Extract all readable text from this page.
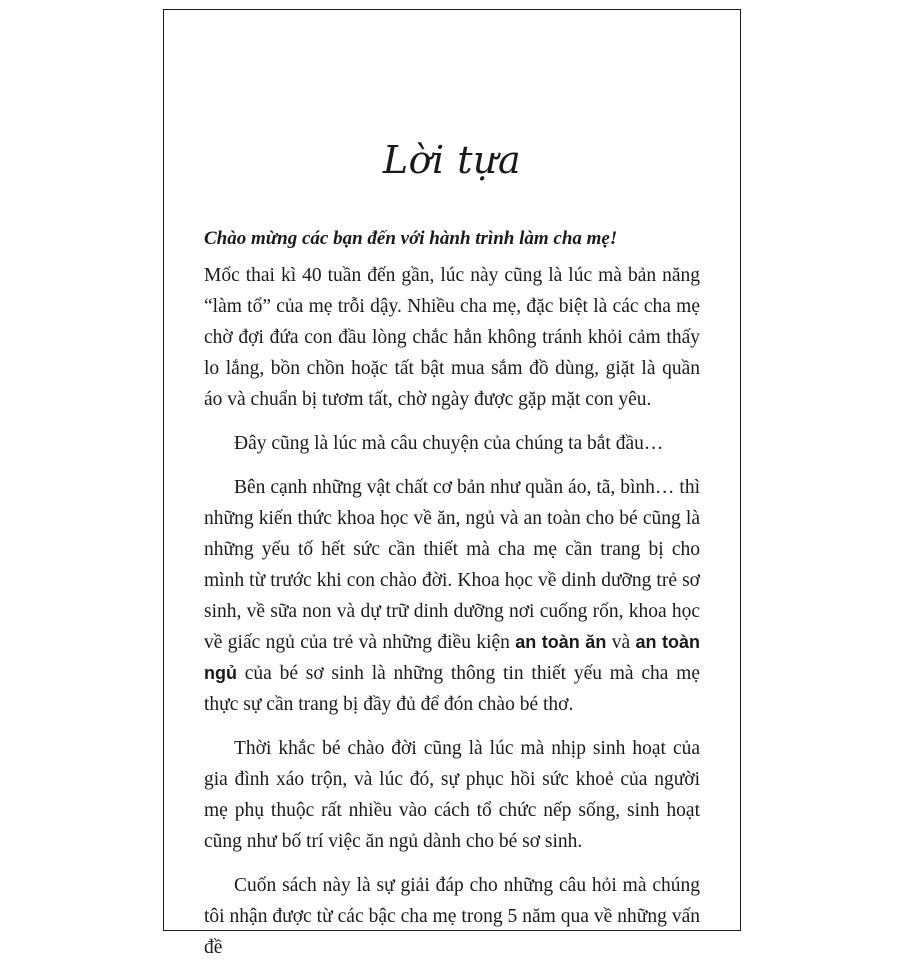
Lời tựa

Chào mừng các bạn đến với hành trình làm cha mẹ!

Mốc thai kì 40 tuần đến gần, lúc này cũng là lúc mà bản năng “làm tổ” của mẹ trỗi dậy. Nhiều cha mẹ, đặc biệt là các cha mẹ chờ đợi đứa con đầu lòng chắc hẳn không tránh khỏi cảm thấy lo lắng, bồn chồn hoặc tất bật mua sắm đồ dùng, giặt là quần áo và chuẩn bị tươm tất, chờ ngày được gặp mặt con yêu.

Đây cũng là lúc mà câu chuyện của chúng ta bắt đầu…

Bên cạnh những vật chất cơ bản như quần áo, tã, bình… thì những kiến thức khoa học về ăn, ngủ và an toàn cho bé cũng là những yếu tố hết sức cần thiết mà cha mẹ cần trang bị cho mình từ trước khi con chào đời. Khoa học về dinh dưỡng trẻ sơ sinh, về sữa non và dự trữ dinh dưỡng nơi cuống rốn, khoa học về giấc ngủ của trẻ và những điều kiện an toàn ăn và an toàn ngủ của bé sơ sinh là những thông tin thiết yếu mà cha mẹ thực sự cần trang bị đầy đủ để đón chào bé thơ.

Thời khắc bé chào đời cũng là lúc mà nhịp sinh hoạt của gia đình xáo trộn, và lúc đó, sự phục hồi sức khoẻ của người mẹ phụ thuộc rất nhiều vào cách tổ chức nếp sống, sinh hoạt cũng như bố trí việc ăn ngủ dành cho bé sơ sinh.

Cuốn sách này là sự giải đáp cho những câu hỏi mà chúng tôi nhận được từ các bậc cha mẹ trong 5 năm qua về những vấn đề
